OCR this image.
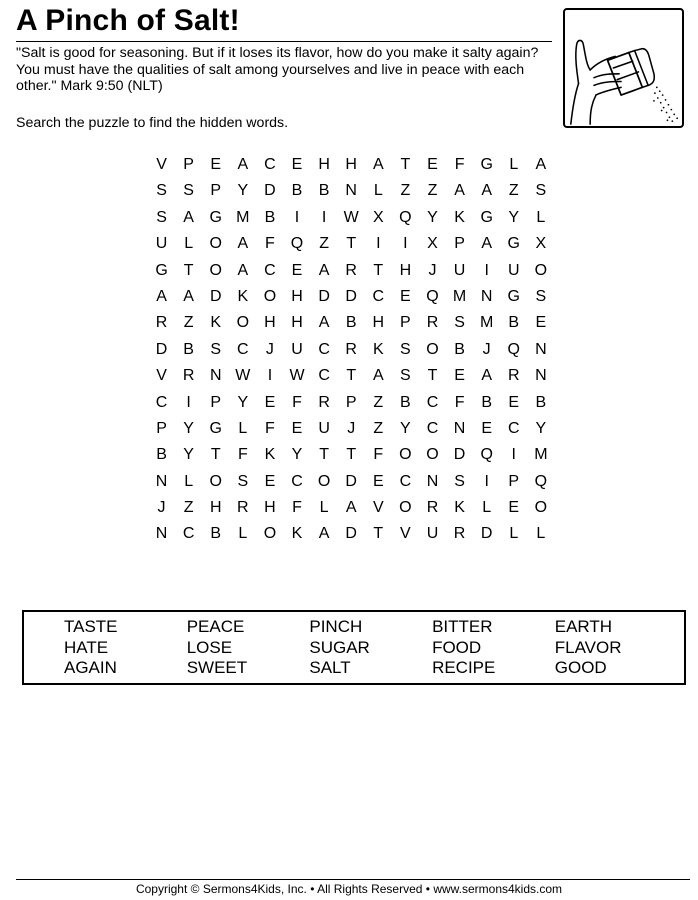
A Pinch of Salt!
"Salt is good for seasoning. But if it loses its flavor, how do you make it salty again? You must have the qualities of salt among yourselves and live in peace with each other." Mark 9:50 (NLT)
Search the puzzle to find the hidden words.
V	P	E	A C E H H A	T	E	F G	L	A
S	S	P	Y D B	B N	L	Z	Z	A	A	Z	S
S	A G M B	I	I	W X Q Y	K G Y	L
U	L	O A	F Q Z	T	I	I	X	P	A G X
G T O A C E	A R	T	H	J	U	I	U O
A	A D K O H D D C E Q M N G S
R	Z	K O H H A	B H P R S M B	E
D B	S C	J	U C R K	S O B	J	Q N
V R N W	I	W C	T	A	S	T	E	A R N
C	I	P	Y	E	F	R P	Z	B C	F	B	E	B
P	Y G	L	F	E U	J	Z	Y C N E C Y
B	Y	T	F	K	Y	T	T	F O O D Q	I	M
N	L	O S	E C O D E C N S	I	P Q
J	Z	H R H	F	L	A	V O R K	L	E O
N C B	L	O K	A D	T	V U R D	L	L
TASTE	PEACE	PINCH	BITTER	EARTH
HATE	LOSE	SUGAR	FOOD	FLAVOR
AGAIN	SWEET	SALT	RECIPE	GOOD
Copyright © Sermons4Kids, Inc. • All Rights Reserved • www.sermons4kids.com
